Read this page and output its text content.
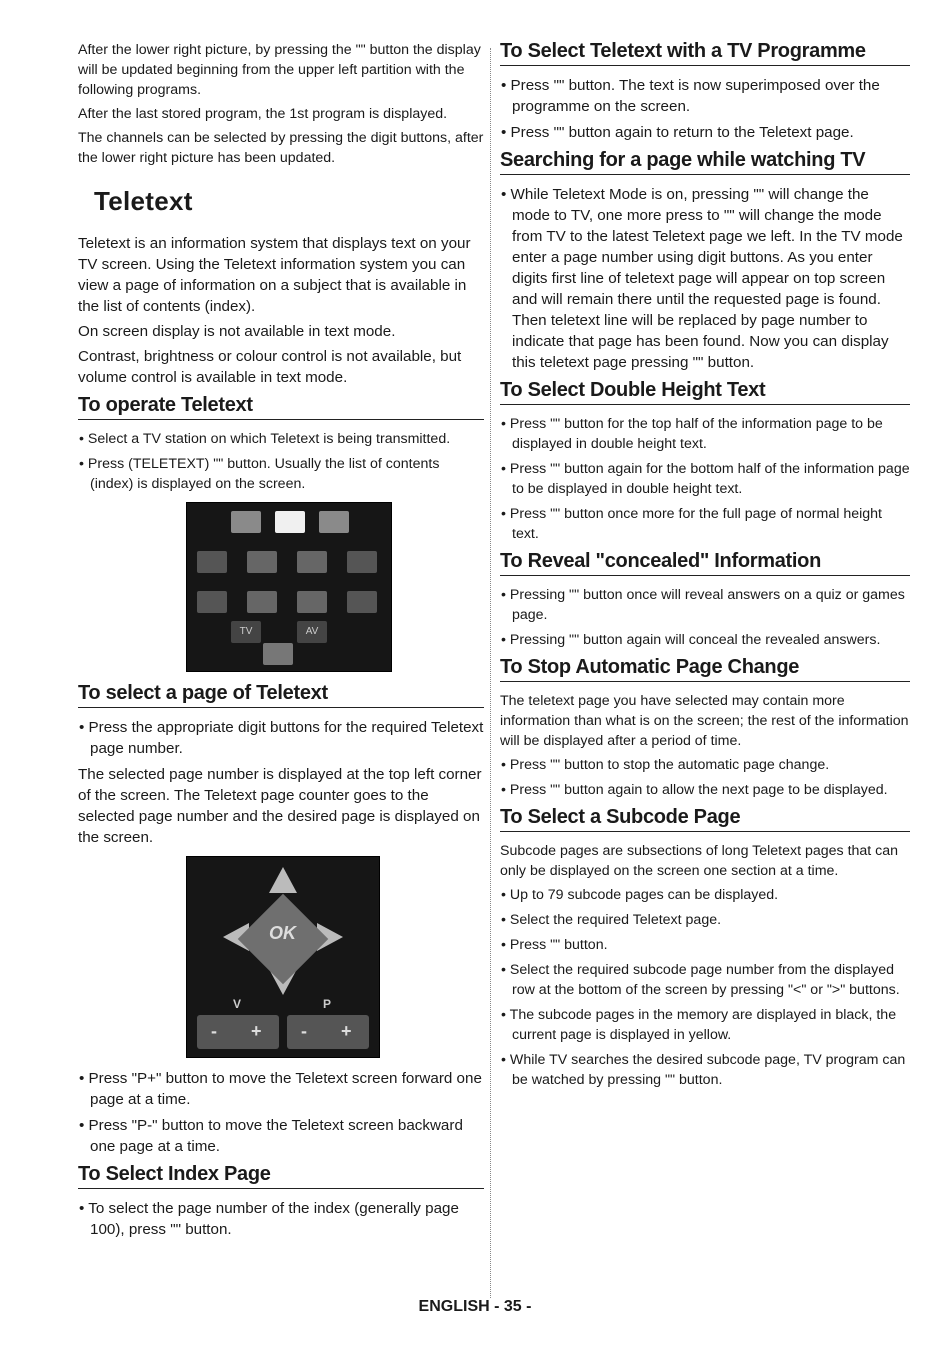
After the lower right picture, by pressing the "" button the display will be updated beginning from the upper left partition with the following programs.

After the last stored program, the 1st program is displayed.

The channels can be selected by pressing the digit buttons, after the lower right picture has been updated.

Teletext

Teletext is an information system that displays text on your TV screen. Using the Teletext information system you can view a page of information on a subject that is available in the list of contents (index).

On screen display is not available in text mode.

Contrast, brightness or colour control is not available, but volume control is available in text mode.

To operate Teletext

• Select a TV station on which Teletext is being transmitted.

• Press (TELETEXT) "" button. Usually the list of contents (index) is displayed on the screen.

TV	AV
To select a page of Teletext

• Press the appropriate digit buttons for the required Teletext page number.

The selected page number is displayed at the top left corner of the screen. The Teletext page counter goes to the selected page number and the desired page is displayed on the screen.

OK
V	P
- + - +

• Press "P+" button to move the Teletext screen forward one page at a time.

• Press "P-" button to move the Teletext screen backward one page at a time.

To Select Index Page

• To select the page number of the index (generally page 100), press "" button.

To Select Teletext with a TV Programme

• Press "" button. The text is now superimposed over the programme on the screen.

• Press "" button again to return to the Teletext page.

Searching for a page while watching TV

• While Teletext Mode is on, pressing "" will change the mode to TV, one more press to "" will change the mode from TV to the latest Teletext page we left. In the TV mode enter a page number using digit buttons. As you enter digits first line of teletext page will appear on top screen and will remain there until the requested page is found. Then teletext line will be replaced by page number to indicate that page has been found. Now you can display this teletext page pressing "" button.

To Select Double Height Text

• Press "" button for the top half of the information page to be displayed in double height text.

• Press "" button again for the bottom half of the information page to be displayed in double height text.

• Press "" button once more for the full page of normal height text.

To Reveal "concealed" Information

• Pressing "" button once will reveal answers on a quiz or games page.

• Pressing "" button again will conceal the revealed answers.

To Stop Automatic Page Change

The teletext page you have selected may contain more information than what is on the screen; the rest of the information will be displayed after a period of time.

• Press "" button to stop the automatic page change.

• Press "" button again to allow the next page to be displayed.

To Select a Subcode Page

Subcode pages are subsections of long Teletext pages that can only be displayed on the screen one section at a time.

• Up to 79 subcode pages can be displayed.

• Select the required Teletext page.

• Press "" button.

• Select the required subcode page number from the displayed row at the bottom of the screen by pressing "<" or ">" buttons.

• The subcode pages in the memory are displayed in black, the current page is displayed in yellow.

• While TV searches the desired subcode page, TV program can be watched by pressing "" button.

ENGLISH - 35 -
